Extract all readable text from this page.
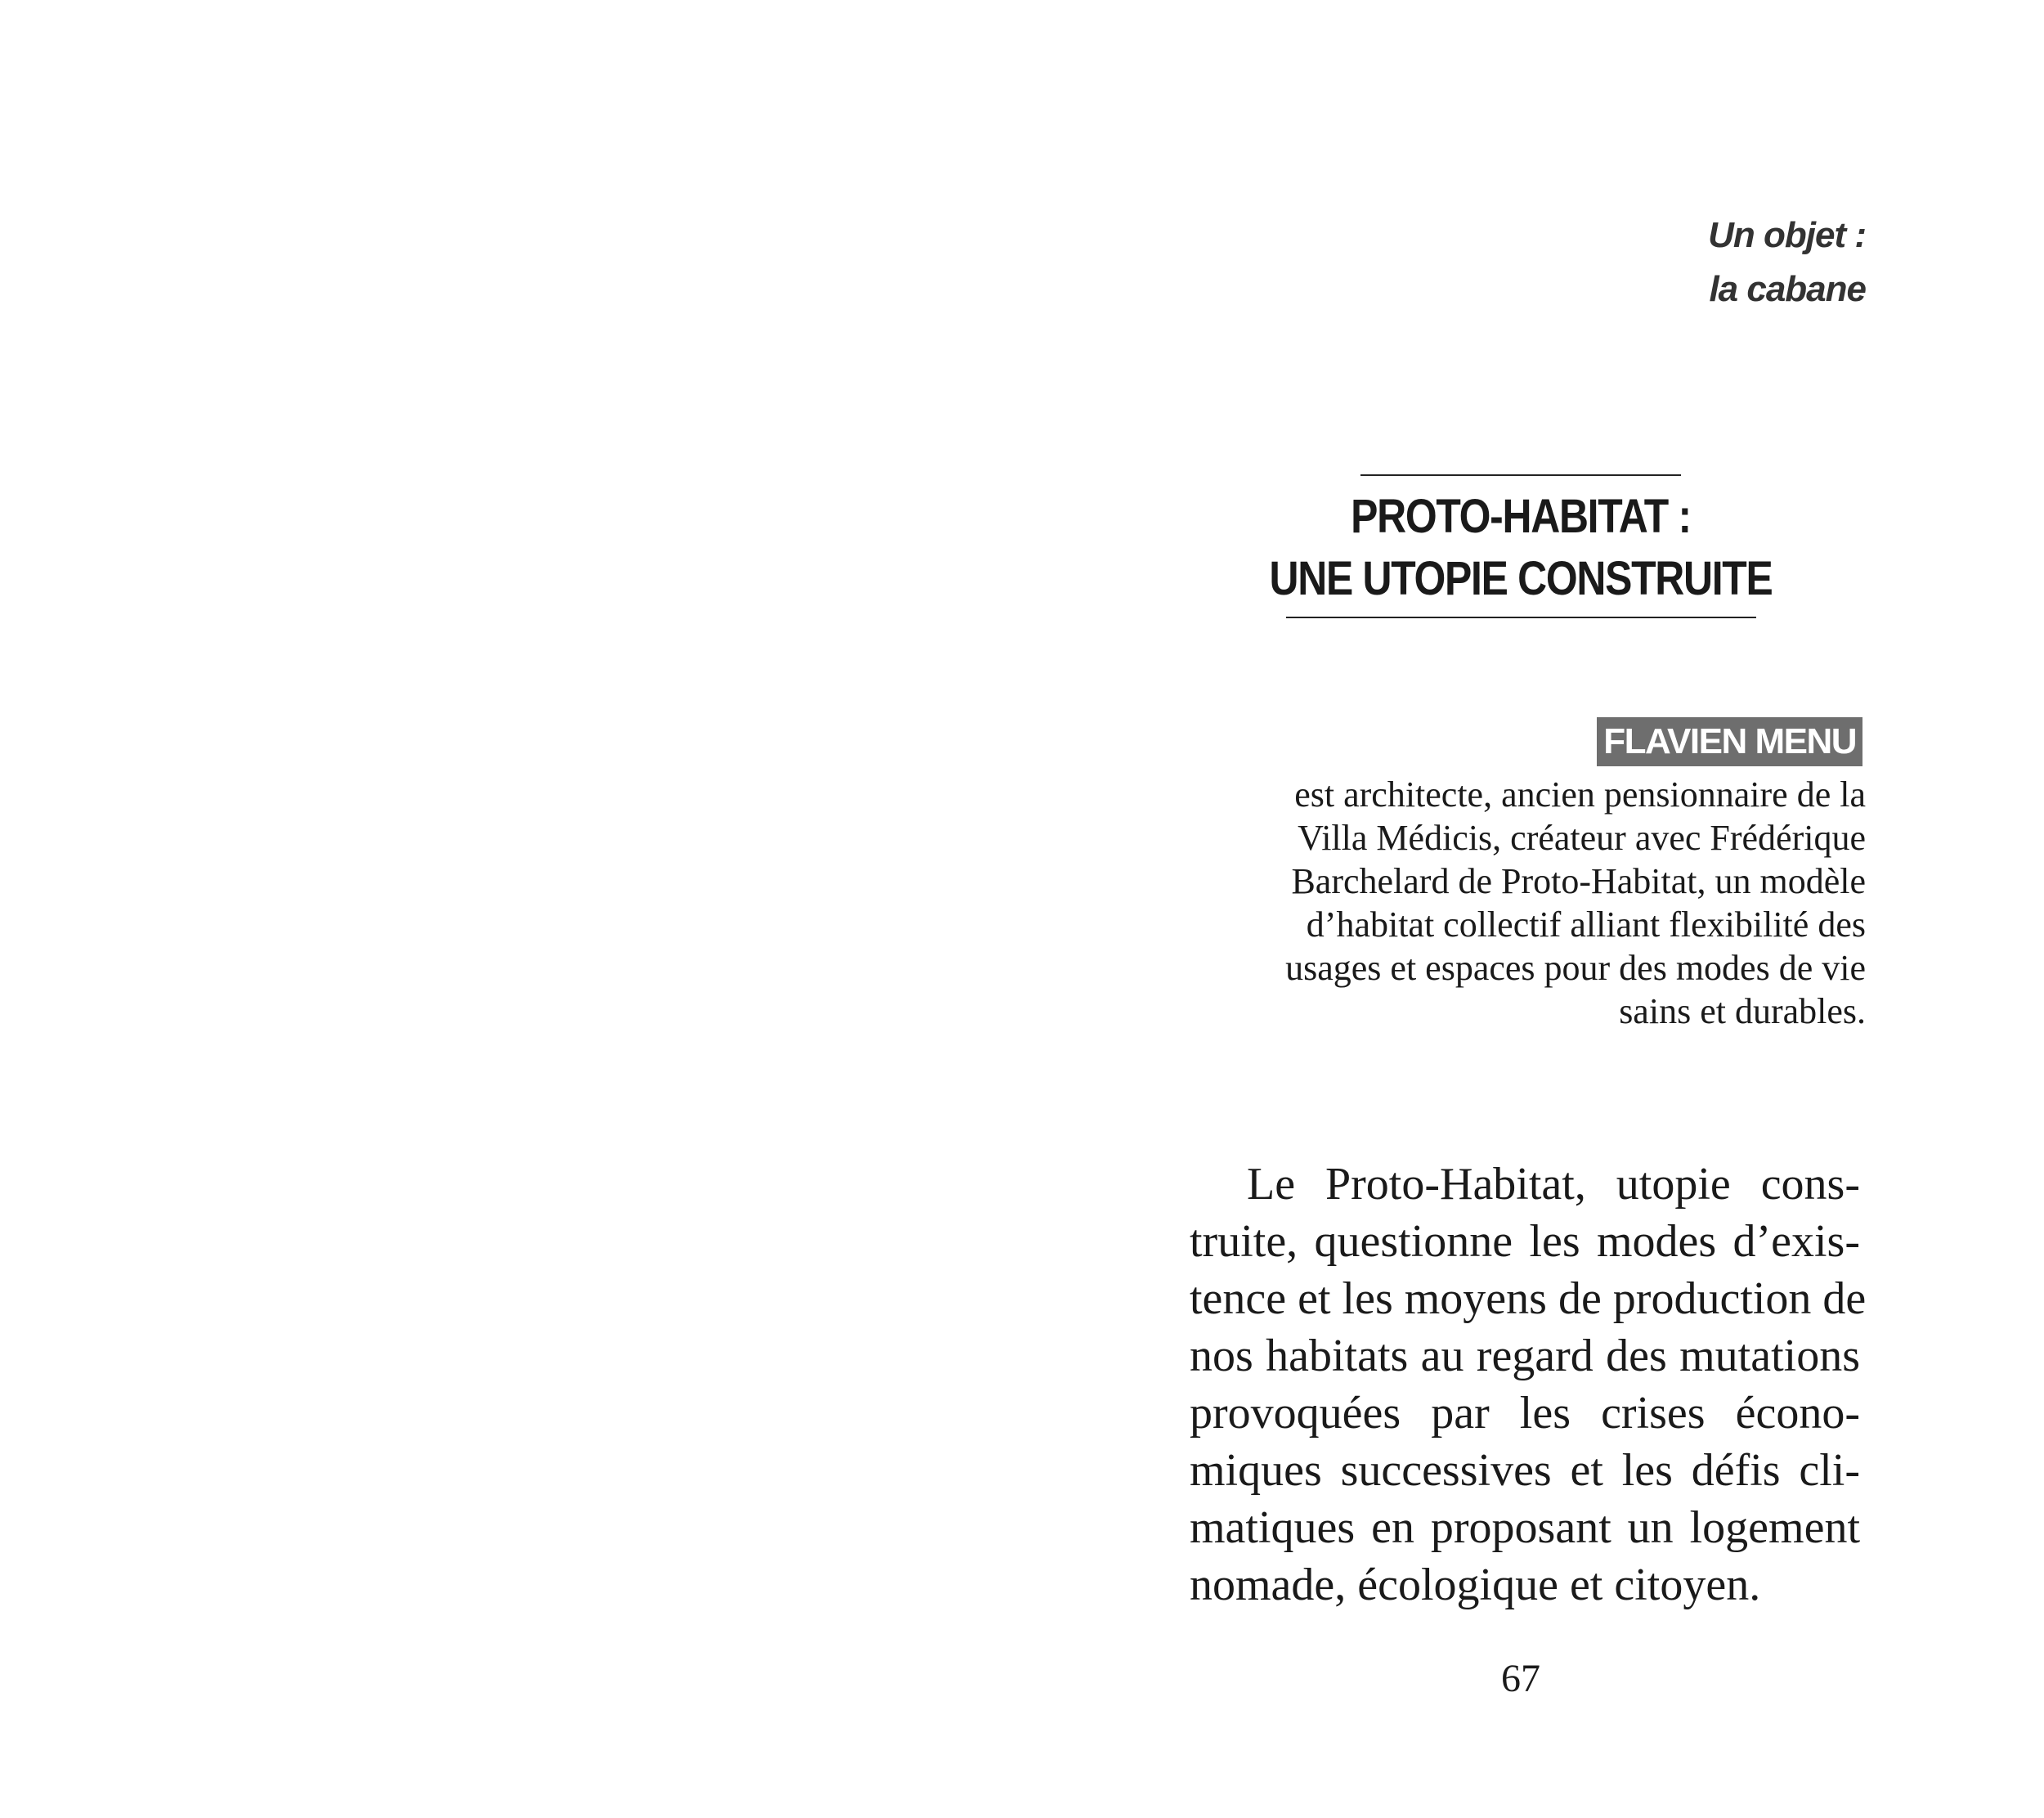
Un objet :
la cabane
PROTO-HABITAT :
UNE UTOPIE CONSTRUITE
FLAVIEN MENU
est architecte, ancien pensionnaire de la
Villa Médicis, créateur avec Frédérique
Barchelard de Proto-Habitat, un modèle
d’habitat collectif alliant flexibilité des
usages et espaces pour des modes de vie
sains et durables.
Le Proto-Habitat, utopie cons-
truite, questionne les modes d’exis-
tence et les moyens de production de
nos habitats au regard des mutations
provoquées par les crises écono-
miques successives et les défis cli-
matiques en proposant un logement
nomade, écologique et citoyen.
67
